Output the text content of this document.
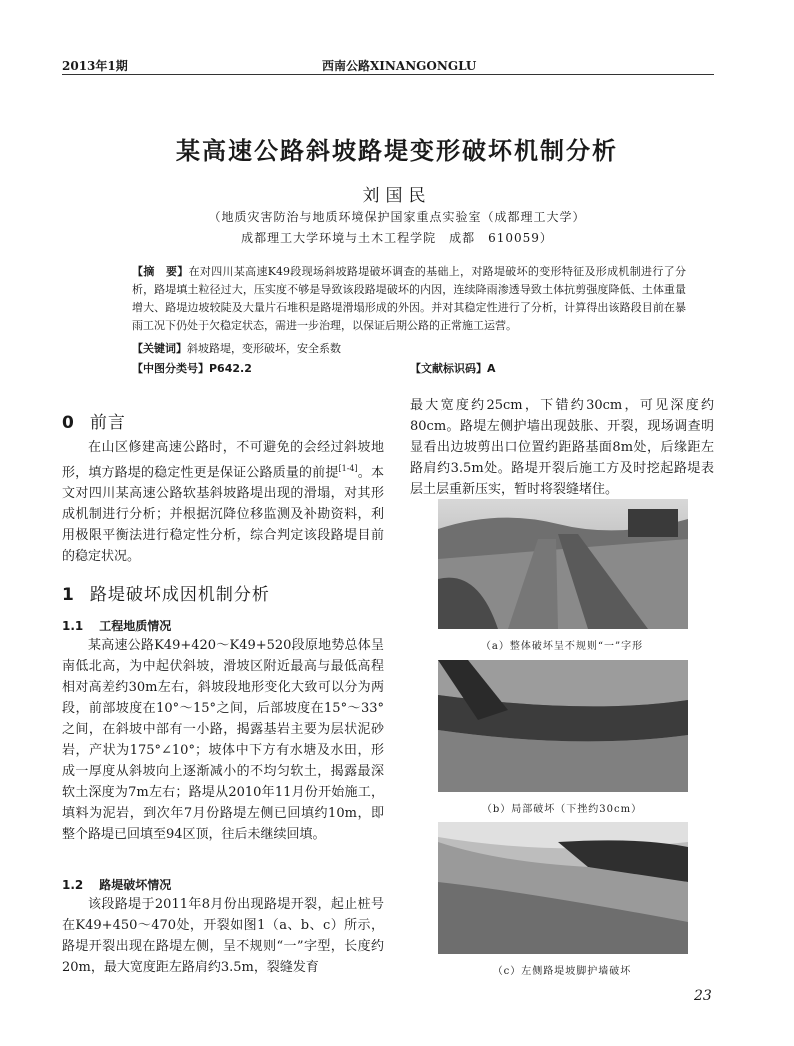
2013年1期	西南公路XINANGONGLU
某高速公路斜坡路堤变形破坏机制分析
刘国民
（地质灾害防治与地质环境保护国家重点实验室（成都理工大学）
成都理工大学环境与土木工程学院　成都　610059）
【摘　要】在对四川某高速K49段现场斜坡路堤破坏调查的基础上，对路堤破坏的变形特征及形成机制进行了分析，路堤填土粒径过大，压实度不够是导致该段路堤破坏的内因，连续降雨渗透导致土体抗剪强度降低、土体重量增大、路堤边坡较陡及大量片石堆积是路堤滑塌形成的外因。并对其稳定性进行了分析，计算得出该路段目前在暴雨工况下仍处于欠稳定状态，需进一步治理，以保证后期公路的正常施工运营。
【关键词】斜坡路堤，变形破坏，安全系数
【中图分类号】P642.2	【文献标识码】A
0 前言
在山区修建高速公路时，不可避免的会经过斜坡地形，填方路堤的稳定性更是保证公路质量的前提[1-4]。本文对四川某高速公路软基斜坡路堤出现的滑塌，对其形成机制进行分析；并根据沉降位移监测及补勘资料，利用极限平衡法进行稳定性分析，综合判定该段路堤目前的稳定状况。
1 路堤破坏成因机制分析
1.1 工程地质情况
某高速公路K49+420～K49+520段原地势总体呈南低北高，为中起伏斜坡，滑坡区附近最高与最低高程相对高差约30m左右，斜坡段地形变化大致可以分为两段，前部坡度在10°～15°之间，后部坡度在15°～33°之间，在斜坡中部有一小路，揭露基岩主要为层状泥砂岩，产状为175°∠10°；坡体中下方有水塘及水田，形成一厚度从斜坡向上逐渐减小的不均匀软土，揭露最深软土深度为7m左右；路堤从2010年11月份开始施工，填料为泥岩，到次年7月份路堤左侧已回填约10m，即整个路堤已回填至94区顶，往后未继续回填。
1.2 路堤破坏情况
该段路堤于2011年8月份出现路堤开裂，起止桩号在K49+450～470处，开裂如图1（a、b、c）所示，路堤开裂出现在路堤左侧，呈不规则“一”字型，长度约20m，最大宽度距左路肩约3.5m，裂缝发育
最大宽度约25cm，下错约30cm，可见深度约80cm。路堤左侧护墙出现鼓胀、开裂，现场调查明显看出边坡剪出口位置约距路基面8m处，后缘距左路肩约3.5m处。路堤开裂后施工方及时挖起路堤表层土层重新压实，暂时将裂缝堵住。
（a）整体破坏呈不规则“一”字形
（b）局部破坏（下挫约30cm）
（c）左侧路堤坡脚护墙破坏
23
